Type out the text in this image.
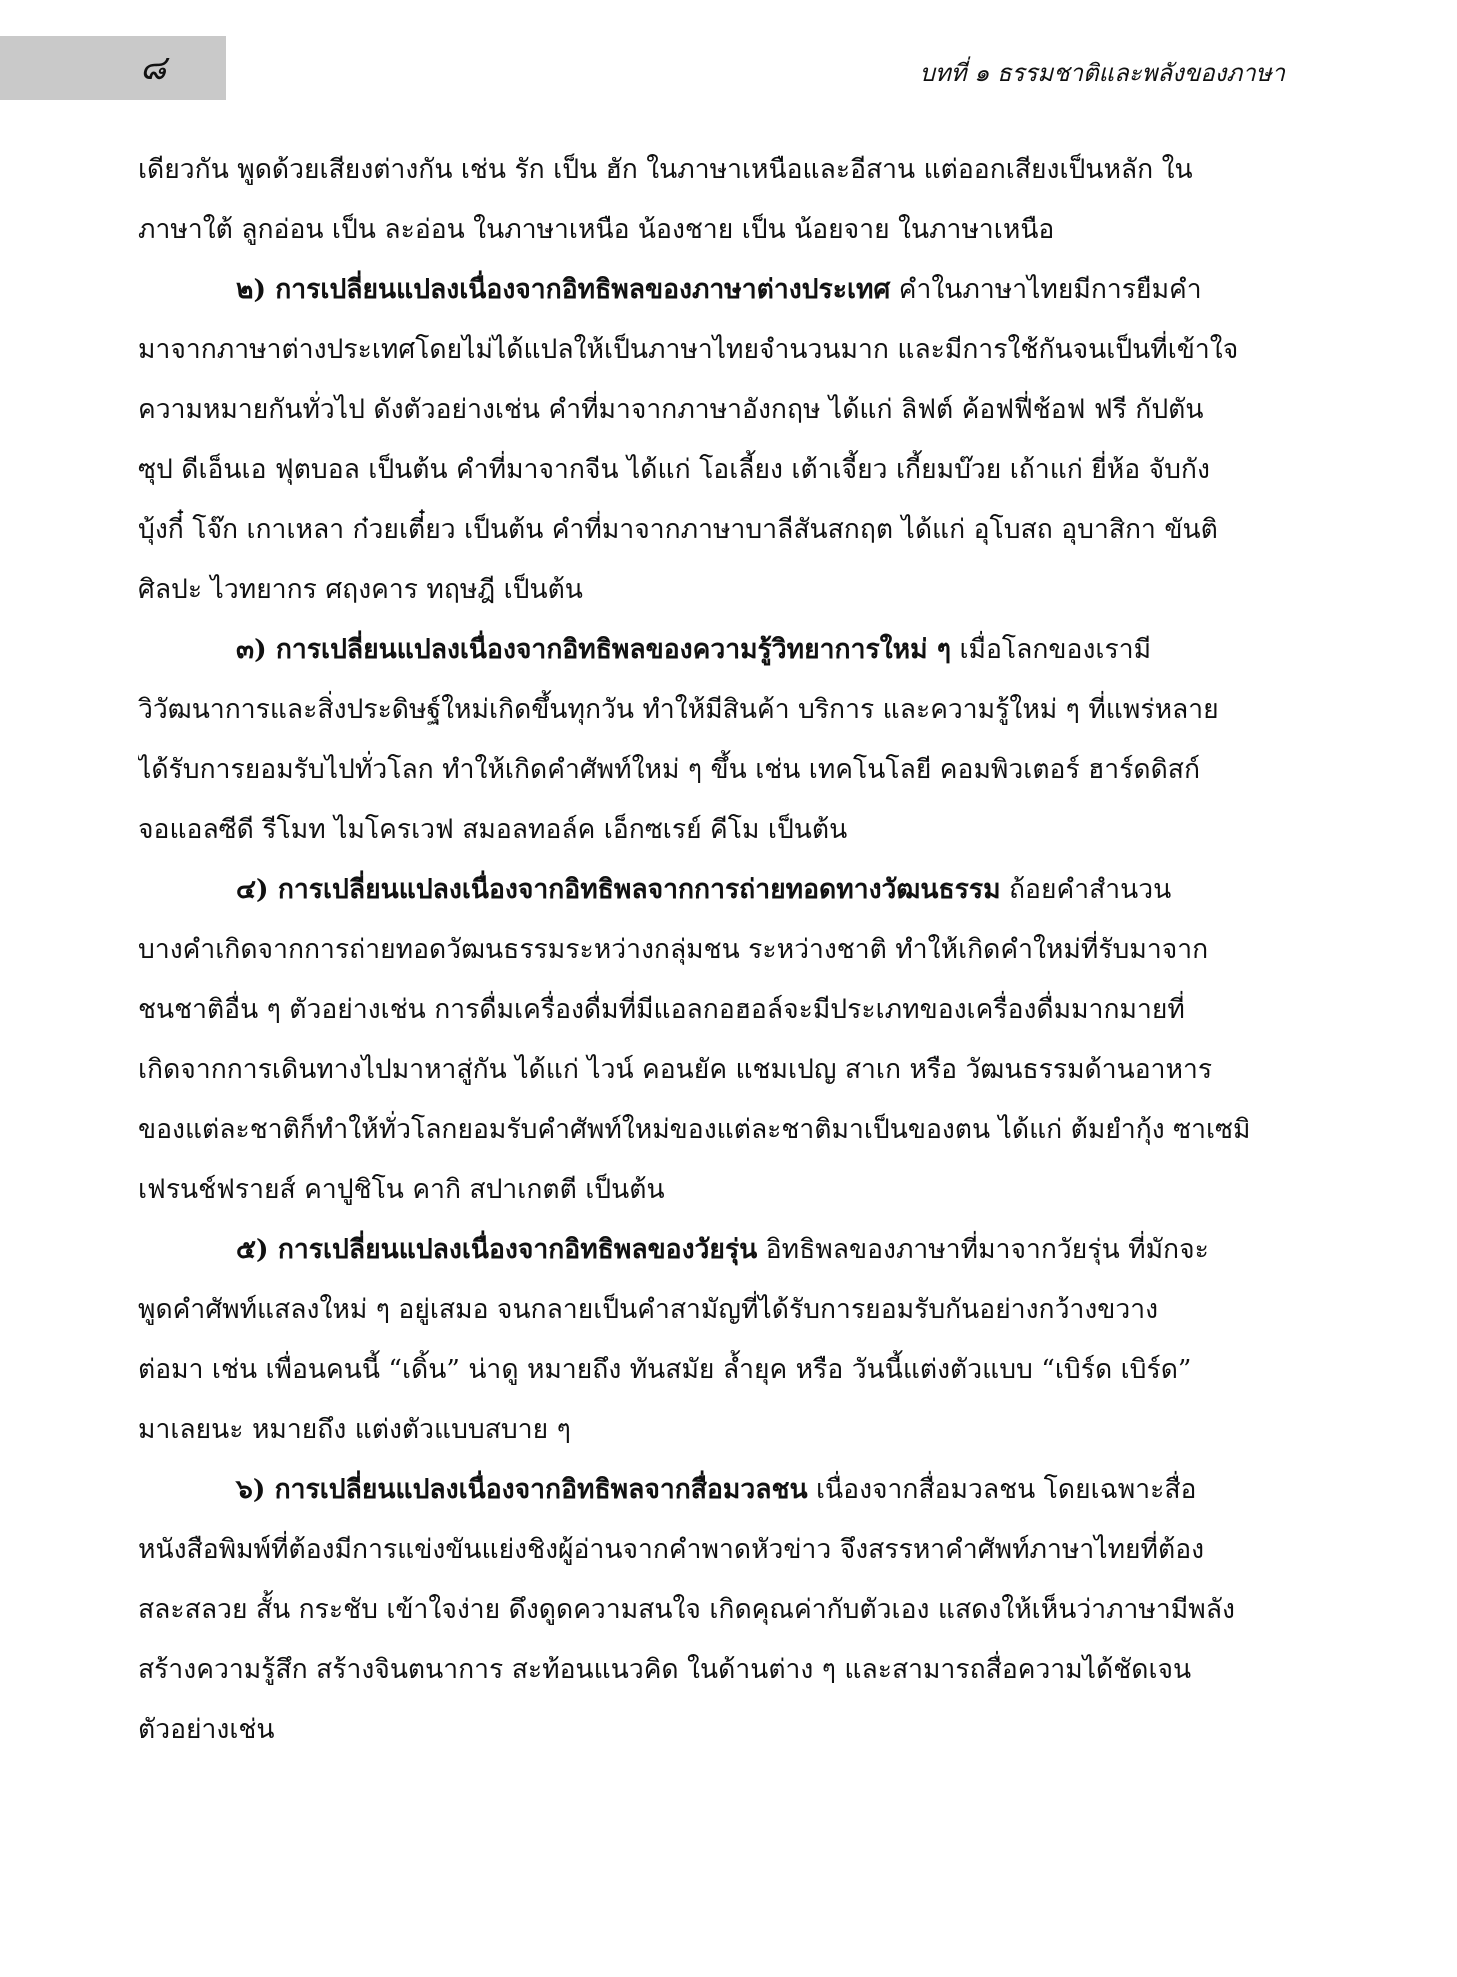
๘	บทที่ ๑ ธรรมชาติและพลังของภาษา
เดียวกัน พูดด้วยเสียงต่างกัน เช่น รัก เป็น ฮัก ในภาษาเหนือและอีสาน แต่ออกเสียงเป็นหลัก ใน
ภาษาใต้ ลูกอ่อน เป็น ละอ่อน ในภาษาเหนือ น้องชาย เป็น น้อยจาย ในภาษาเหนือ
๒) การเปลี่ยนแปลงเนื่องจากอิทธิพลของภาษาต่างประเทศ คำในภาษาไทยมีการยืมคำ
มาจากภาษาต่างประเทศโดยไม่ได้แปลให้เป็นภาษาไทยจำนวนมาก และมีการใช้กันจนเป็นที่เข้าใจ
ความหมายกันทั่วไป ดังตัวอย่างเช่น คำที่มาจากภาษาอังกฤษ ได้แก่ ลิฟต์ ค้อฟฟี่ช้อฟ ฟรี กัปตัน
ซุป ดีเอ็นเอ ฟุตบอล เป็นต้น คำที่มาจากจีน ได้แก่ โอเลี้ยง เต้าเจี้ยว เกี้ยมบ๊วย เถ้าแก่ ยี่ห้อ จับกัง
บุ้งกี๋ โจ๊ก เกาเหลา ก๋วยเตี๋ยว เป็นต้น คำที่มาจากภาษาบาลีสันสกฤต ได้แก่ อุโบสถ อุบาสิกา ขันติ
ศิลปะ ไวทยากร ศฤงคาร ทฤษฎี เป็นต้น
๓) การเปลี่ยนแปลงเนื่องจากอิทธิพลของความรู้วิทยาการใหม่ ๆ เมื่อโลกของเรามี
วิวัฒนาการและสิ่งประดิษฐ์ใหม่เกิดขึ้นทุกวัน ทำให้มีสินค้า บริการ และความรู้ใหม่ ๆ ที่แพร่หลาย
ได้รับการยอมรับไปทั่วโลก ทำให้เกิดคำศัพท์ใหม่ ๆ ขึ้น เช่น เทคโนโลยี คอมพิวเตอร์ ฮาร์ดดิสก์
จอแอลซีดี รีโมท ไมโครเวฟ สมอลทอล์ค เอ็กซเรย์ คีโม เป็นต้น
๔) การเปลี่ยนแปลงเนื่องจากอิทธิพลจากการถ่ายทอดทางวัฒนธรรม ถ้อยคำสำนวน
บางคำเกิดจากการถ่ายทอดวัฒนธรรมระหว่างกลุ่มชน ระหว่างชาติ ทำให้เกิดคำใหม่ที่รับมาจาก
ชนชาติอื่น ๆ ตัวอย่างเช่น การดื่มเครื่องดื่มที่มีแอลกอฮอล์จะมีประเภทของเครื่องดื่มมากมายที่
เกิดจากการเดินทางไปมาหาสู่กัน ได้แก่ ไวน์ คอนยัค แชมเปญ สาเก หรือ วัฒนธรรมด้านอาหาร
ของแต่ละชาติก็ทำให้ทั่วโลกยอมรับคำศัพท์ใหม่ของแต่ละชาติมาเป็นของตน ได้แก่ ต้มยำกุ้ง ซาเซมิ
เฟรนช์ฟรายส์ คาปูชิโน คากิ สปาเกตตี เป็นต้น
๕) การเปลี่ยนแปลงเนื่องจากอิทธิพลของวัยรุ่น อิทธิพลของภาษาที่มาจากวัยรุ่น ที่มักจะ
พูดคำศัพท์แสลงใหม่ ๆ อยู่เสมอ จนกลายเป็นคำสามัญที่ได้รับการยอมรับกันอย่างกว้างขวาง
ต่อมา เช่น เพื่อนคนนี้ “เดิ้น” น่าดู หมายถึง ทันสมัย ล้ำยุค หรือ วันนี้แต่งตัวแบบ “เบิร์ด เบิร์ด”
มาเลยนะ หมายถึง แต่งตัวแบบสบาย ๆ
๖) การเปลี่ยนแปลงเนื่องจากอิทธิพลจากสื่อมวลชน เนื่องจากสื่อมวลชน โดยเฉพาะสื่อ
หนังสือพิมพ์ที่ต้องมีการแข่งขันแย่งชิงผู้อ่านจากคำพาดหัวข่าว จึงสรรหาคำศัพท์ภาษาไทยที่ต้อง
สละสลวย สั้น กระชับ เข้าใจง่าย ดึงดูดความสนใจ เกิดคุณค่ากับตัวเอง แสดงให้เห็นว่าภาษามีพลัง
สร้างความรู้สึก สร้างจินตนาการ สะท้อนแนวคิด ในด้านต่าง ๆ และสามารถสื่อความได้ชัดเจน
ตัวอย่างเช่น
